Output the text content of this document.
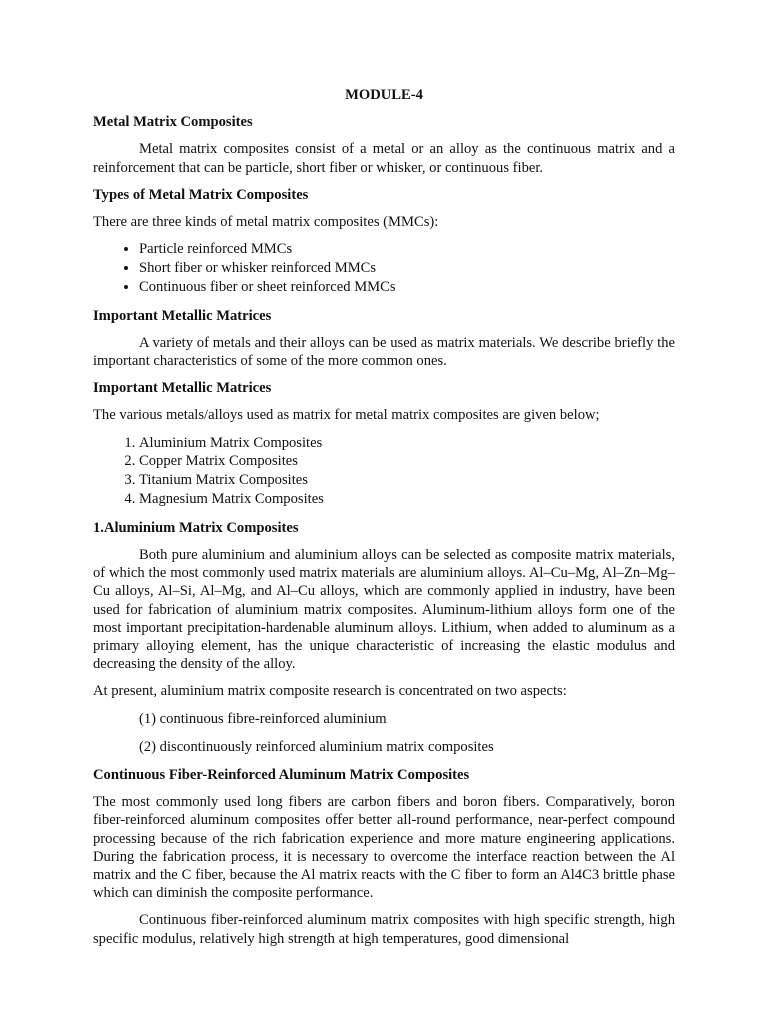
MODULE-4
Metal Matrix Composites

Metal matrix composites consist of a metal or an alloy as the continuous matrix and a reinforcement that can be particle, short fiber or whisker, or continuous fiber.

Types of Metal Matrix Composites

There are three kinds of metal matrix composites (MMCs):

• Particle reinforced MMCs
• Short fiber or whisker reinforced MMCs
• Continuous fiber or sheet reinforced MMCs
Important Metallic Matrices

A variety of metals and their alloys can be used as matrix materials. We describe briefly the important characteristics of some of the more common ones.

Important Metallic Matrices

The various metals/alloys used as matrix for metal matrix composites are given below;

1. Aluminium Matrix Composites
2. Copper Matrix Composites
3. Titanium Matrix Composites
4. Magnesium Matrix Composites
1.Aluminium Matrix Composites

Both pure aluminium and aluminium alloys can be selected as composite matrix materials, of which the most commonly used matrix materials are aluminium alloys. Al–Cu–Mg, Al–Zn–Mg–Cu alloys, Al–Si, Al–Mg, and Al–Cu alloys, which are commonly applied in industry, have been used for fabrication of aluminium matrix composites. Aluminum-lithium alloys form one of the most important precipitation-hardenable aluminum alloys. Lithium, when added to aluminum as a primary alloying element, has the unique characteristic of increasing the elastic modulus and decreasing the density of the alloy.

At present, aluminium matrix composite research is concentrated on two aspects:

(1) continuous fibre-reinforced aluminium

(2) discontinuously reinforced aluminium matrix composites

Continuous Fiber-Reinforced Aluminum Matrix Composites

The most commonly used long fibers are carbon fibers and boron fibers. Comparatively, boron fiber-reinforced aluminum composites offer better all-round performance, near-perfect compound processing because of the rich fabrication experience and more mature engineering applications. During the fabrication process, it is necessary to overcome the interface reaction between the Al matrix and the C fiber, because the Al matrix reacts with the C fiber to form an Al4C3 brittle phase which can diminish the composite performance.

Continuous fiber-reinforced aluminum matrix composites with high specific strength, high specific modulus, relatively high strength at high temperatures, good dimensional
